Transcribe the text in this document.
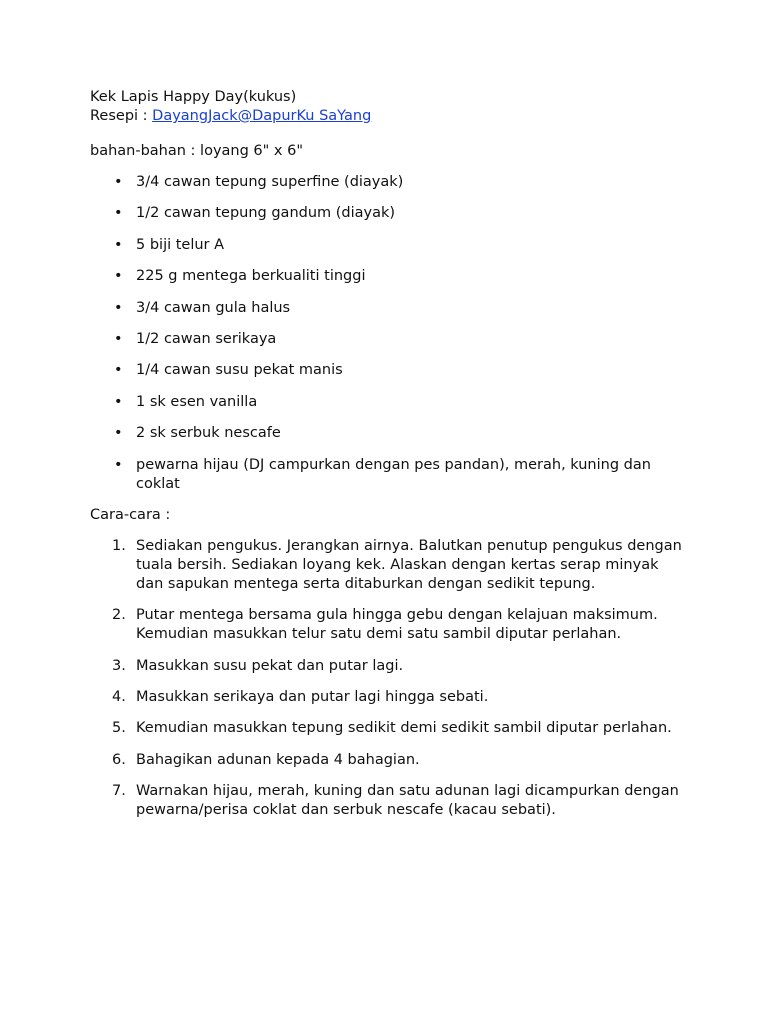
Kek Lapis Happy Day(kukus)

Resepi : DayangJack@DapurKu SaYang

bahan-bahan : loyang 6" x 6"

• 3/4 cawan tepung superfine (diayak)
• 1/2 cawan tepung gandum (diayak)
• 5 biji telur A
• 225 g mentega berkualiti tinggi
• 3/4 cawan gula halus
• 1/2 cawan serikaya
• 1/4 cawan susu pekat manis
• 1 sk esen vanilla
• 2 sk serbuk nescafe
• pewarna hijau (DJ campurkan dengan pes pandan), merah, kuning dan coklat

Cara-cara :

1. Sediakan pengukus. Jerangkan airnya. Balutkan penutup pengukus dengan tuala bersih. Sediakan loyang kek. Alaskan dengan kertas serap minyak dan sapukan mentega serta ditaburkan dengan sedikit tepung.
2. Putar mentega bersama gula hingga gebu dengan kelajuan maksimum. Kemudian masukkan telur satu demi satu sambil diputar perlahan.
3. Masukkan susu pekat dan putar lagi.
4. Masukkan serikaya dan putar lagi hingga sebati.
5. Kemudian masukkan tepung sedikit demi sedikit sambil diputar perlahan.
6. Bahagikan adunan kepada 4 bahagian.
7. Warnakan hijau, merah, kuning dan satu adunan lagi dicampurkan dengan pewarna/perisa coklat dan serbuk nescafe (kacau sebati).
